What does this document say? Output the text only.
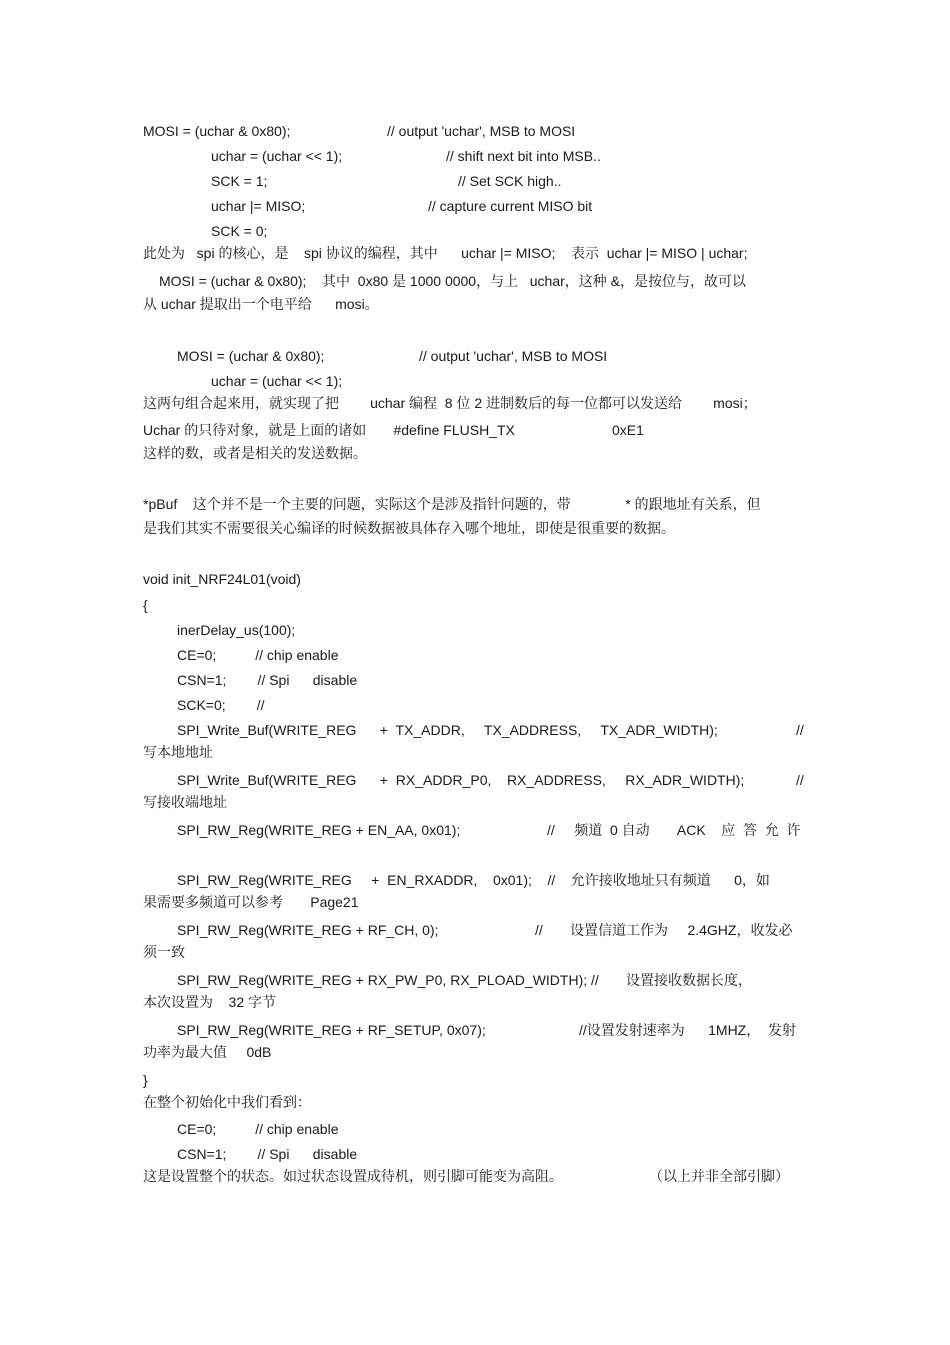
MOSI = (uchar & 0x80);	// output 'uchar', MSB to MOSI
uchar = (uchar << 1);	// shift next bit into MSB..
SCK = 1;	// Set SCK high..
uchar |= MISO;	// capture current MISO bit
SCK = 0;
此处为   spi 的核心，是    spi 协议的编程，其中      uchar |= MISO;    表示  uchar |= MISO | uchar;
MOSI = (uchar & 0x80);    其中  0x80 是 1000 0000，与上   uchar，这种 &，是按位与，故可以
从 uchar 提取出一个电平给      mosi。
MOSI = (uchar & 0x80);	// output 'uchar', MSB to MOSI
uchar = (uchar << 1);
这两句组合起来用，就实现了把        uchar 编程  8 位 2 进制数后的每一位都可以发送给        mosi；
Uchar 的只待对象，就是上面的诸如       #define FLUSH_TX	0xE1
这样的数，或者是相关的发送数据。
*pBuf    这个并不是一个主要的问题，实际这个是涉及指针问题的，带              * 的跟地址有关系，但
是我们其实不需要很关心编译的时候数据被具体存入哪个地址，即使是很重要的数据。
void init_NRF24L01(void)
{
inerDelay_us(100);
CE=0;          // chip enable
CSN=1;        // Spi      disable
SCK=0;        //
SPI_Write_Buf(WRITE_REG      +  TX_ADDR,     TX_ADDRESS,     TX_ADR_WIDTH);	//
写本地地址
SPI_Write_Buf(WRITE_REG      +  RX_ADDR_P0,    RX_ADDRESS,     RX_ADR_WIDTH);	//
写接收端地址
SPI_RW_Reg(WRITE_REG + EN_AA, 0x01);	//     频道  0 自动       ACK    应  答  允  许
SPI_RW_Reg(WRITE_REG     +  EN_RXADDR,    0x01);    //    允许接收地址只有频道      0，如
果需要多频道可以参考       Page21
SPI_RW_Reg(WRITE_REG + RF_CH, 0);	//       设置信道工作为     2.4GHZ，收发必
须一致
SPI_RW_Reg(WRITE_REG + RX_PW_P0, RX_PLOAD_WIDTH); //       设置接收数据长度，
本次设置为    32 字节
SPI_RW_Reg(WRITE_REG + RF_SETUP, 0x07);	//设置发射速率为      1MHZ，  发射
功率为最大值     0dB
}
在整个初始化中我们看到：
CE=0;          // chip enable
CSN=1;        // Spi      disable
这是设置整个的状态。如过状态设置成待机，则引脚可能变为高阻。	（以上并非全部引脚）
